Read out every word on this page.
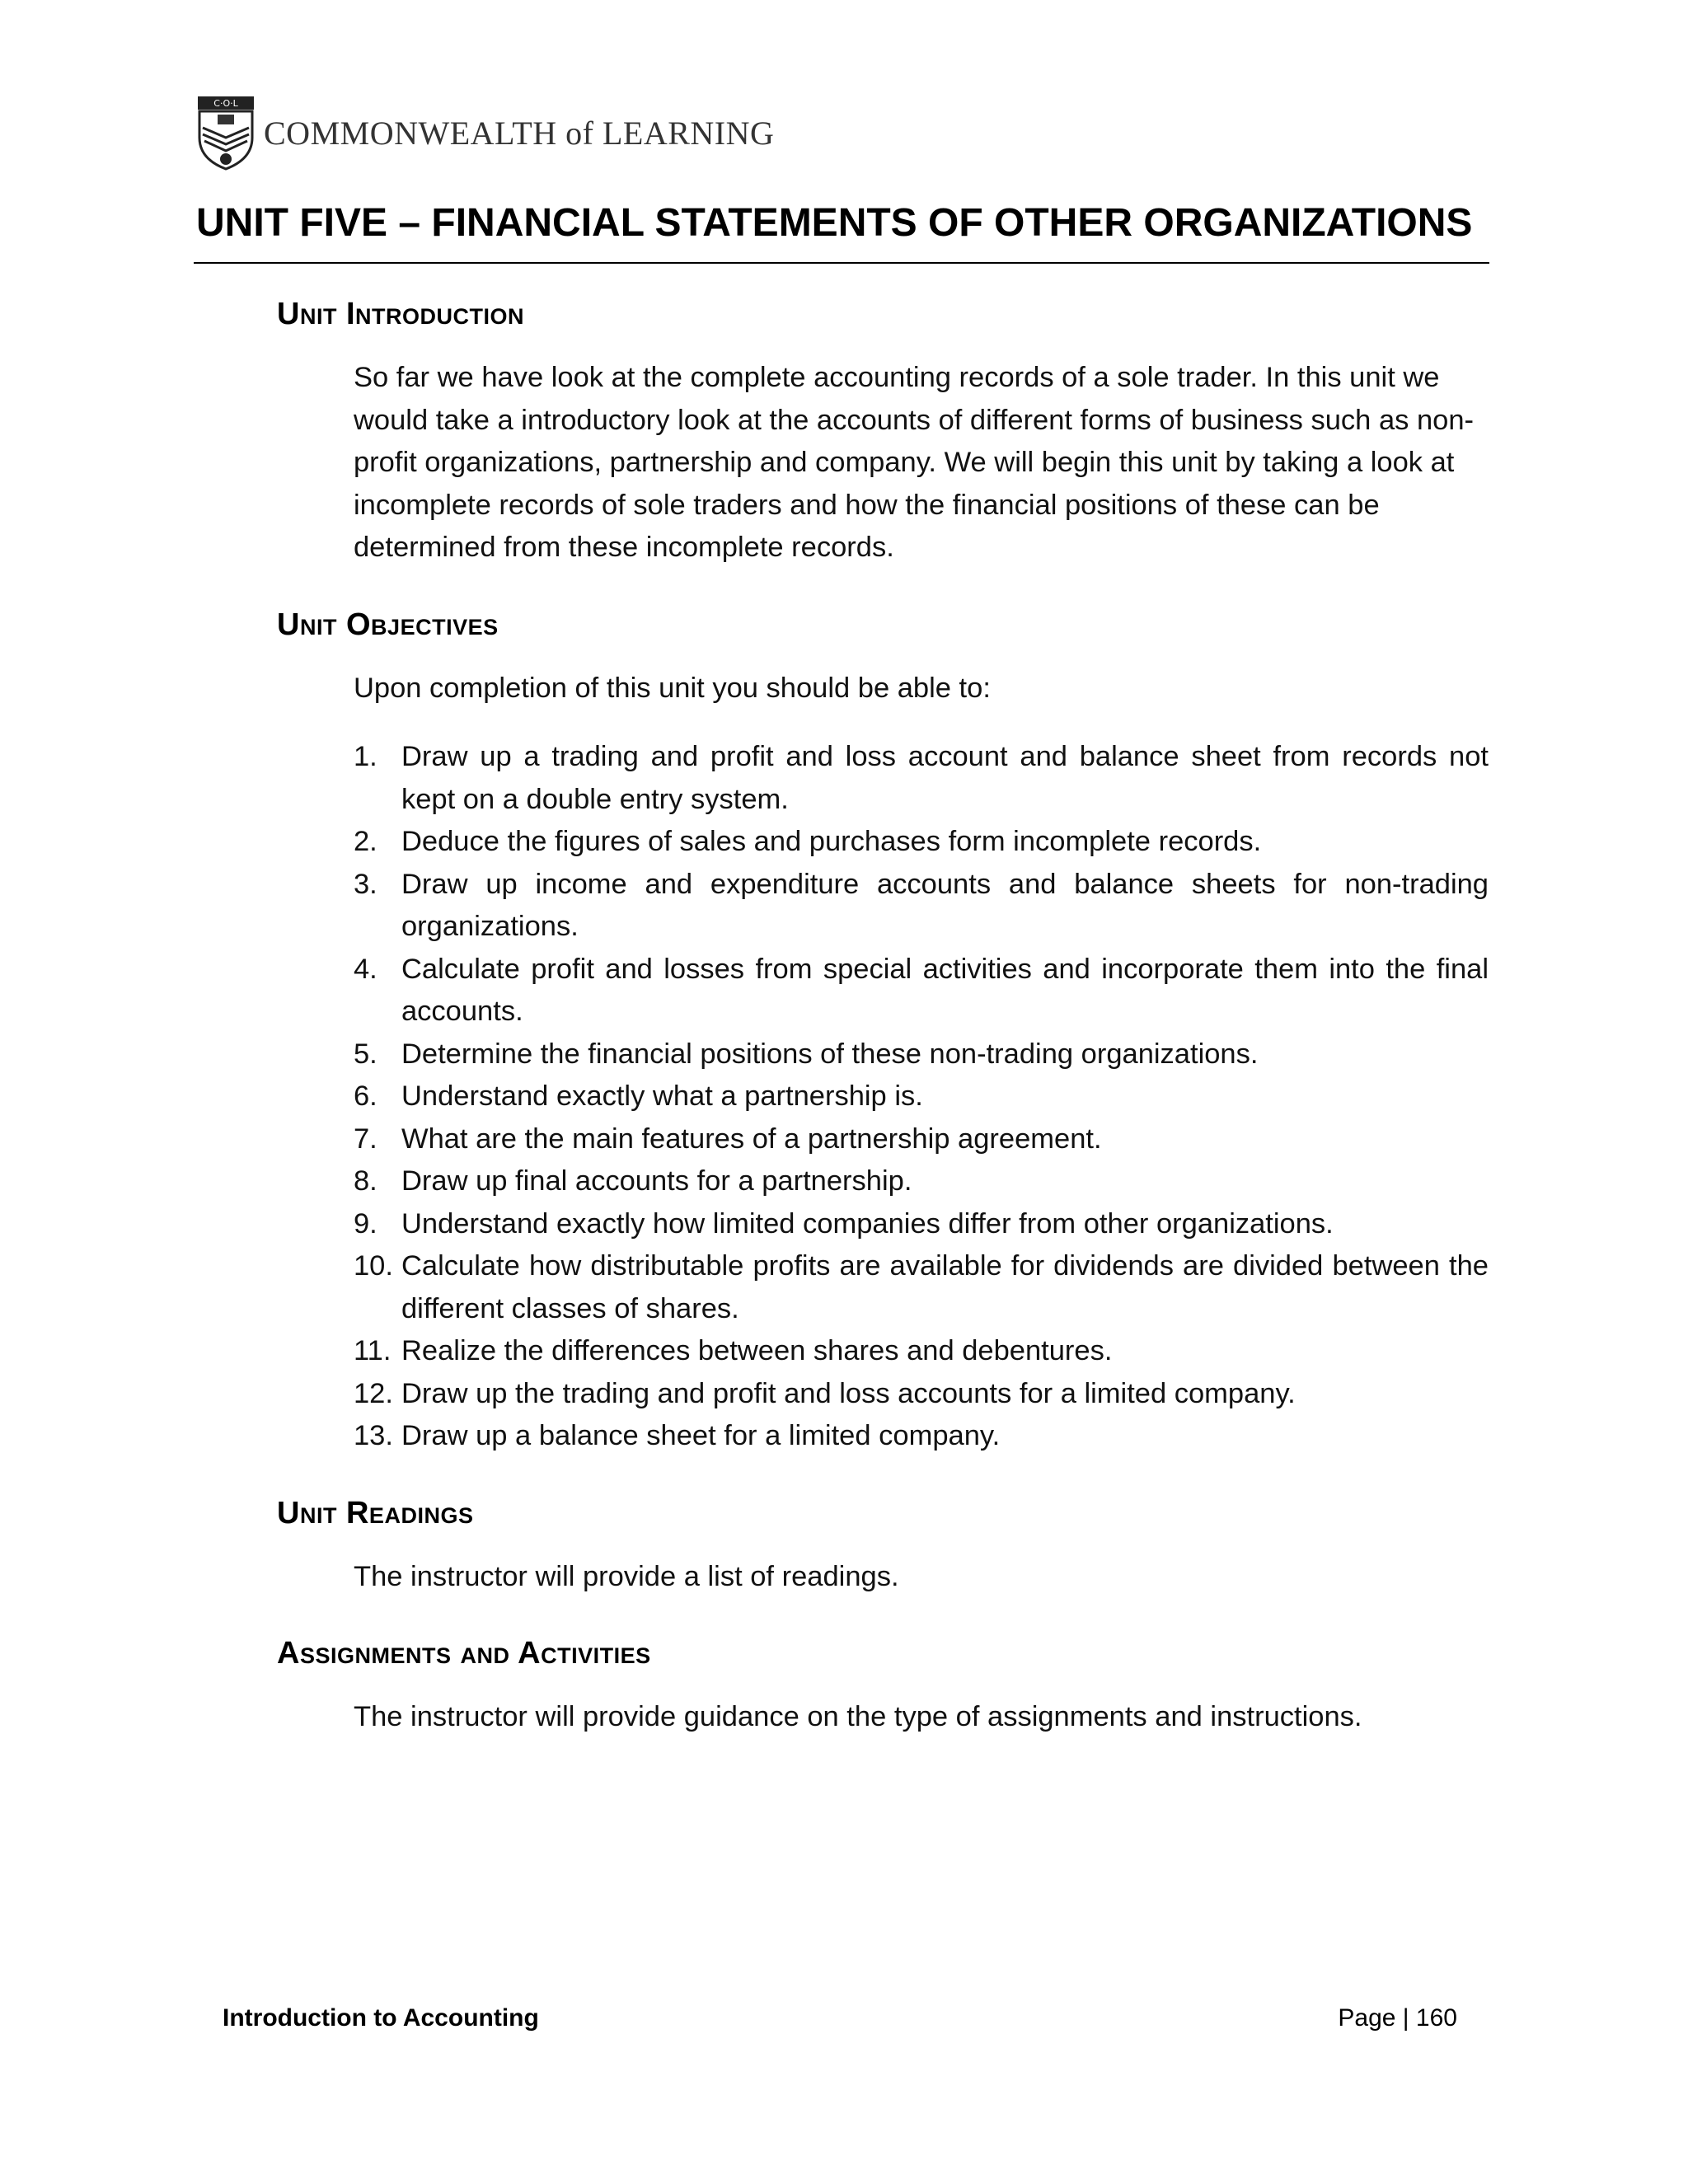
C·O·L
COMMONWEALTH of LEARNING
UNIT FIVE – FINANCIAL STATEMENTS OF OTHER ORGANIZATIONS
Unit Introduction

So far we have look at the complete accounting records of a sole trader. In this unit we would take a introductory look at the accounts of different forms of business such as non-profit organizations, partnership and company. We will begin this unit by taking a look at incomplete records of sole traders and how the financial positions of these can be determined from these incomplete records.

Unit Objectives

Upon completion of this unit you should be able to:

1. Draw up a trading and profit and loss account and balance sheet from records not kept on a double entry system.
2. Deduce the figures of sales and purchases form incomplete records.
3. Draw up income and expenditure accounts and balance sheets for non-trading organizations.
4. Calculate profit and losses from special activities and incorporate them into the final accounts.
5. Determine the financial positions of these non-trading organizations.
6. Understand exactly what a partnership is.
7. What are the main features of a partnership agreement.
8. Draw up final accounts for a partnership.
9. Understand exactly how limited companies differ from other organizations.
10. Calculate how distributable profits are available for dividends are divided between the different classes of shares.
11. Realize the differences between shares and debentures.
12. Draw up the trading and profit and loss accounts for a limited company.
13. Draw up a balance sheet for a limited company.
Unit Readings

The instructor will provide a list of readings.

Assignments and Activities

The instructor will provide guidance on the type of assignments and instructions.

Introduction to Accounting	Page | 160
